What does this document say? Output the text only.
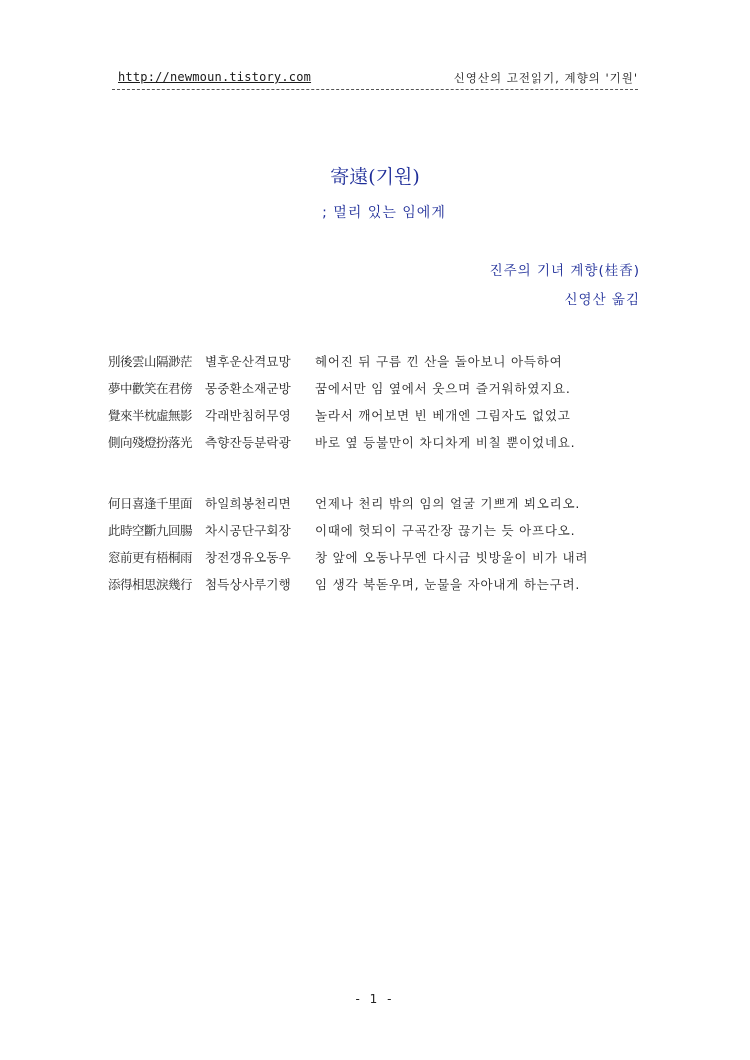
http://newmoun.tistory.com	신영산의 고전읽기, 계향의 '기원'
寄遠(기원)
; 멀리 있는 임에게
진주의 기녀 계향(桂香)
신영산 옮김
別後雲山隔渺茫 별후운산격묘망 헤어진 뒤 구름 낀 산을 돌아보니 아득하여
夢中歡笑在君傍 몽중환소재군방 꿈에서만 임 옆에서 웃으며 즐거워하였지요.
覺來半枕虛無影 각래반침허무영 놀라서 깨어보면 빈 베개엔 그림자도 없었고
側向殘燈扮落光 측향잔등분락광 바로 옆 등불만이 차디차게 비칠 뿐이었네요.
何日喜逢千里面 하일희봉천리면 언제나 천리 밖의 임의 얼굴 기쁘게 뵈오리오.
此時空斷九回腸 차시공단구회장 이때에 헛되이 구곡간장 끊기는 듯 아프다오.
窓前更有梧桐雨 창전갱유오동우 창 앞에 오동나무엔 다시금 빗방울이 비가 내려
添得相思淚幾行 첨득상사루기행 임 생각 북돋우며, 눈물을 자아내게 하는구려.
- 1 -
